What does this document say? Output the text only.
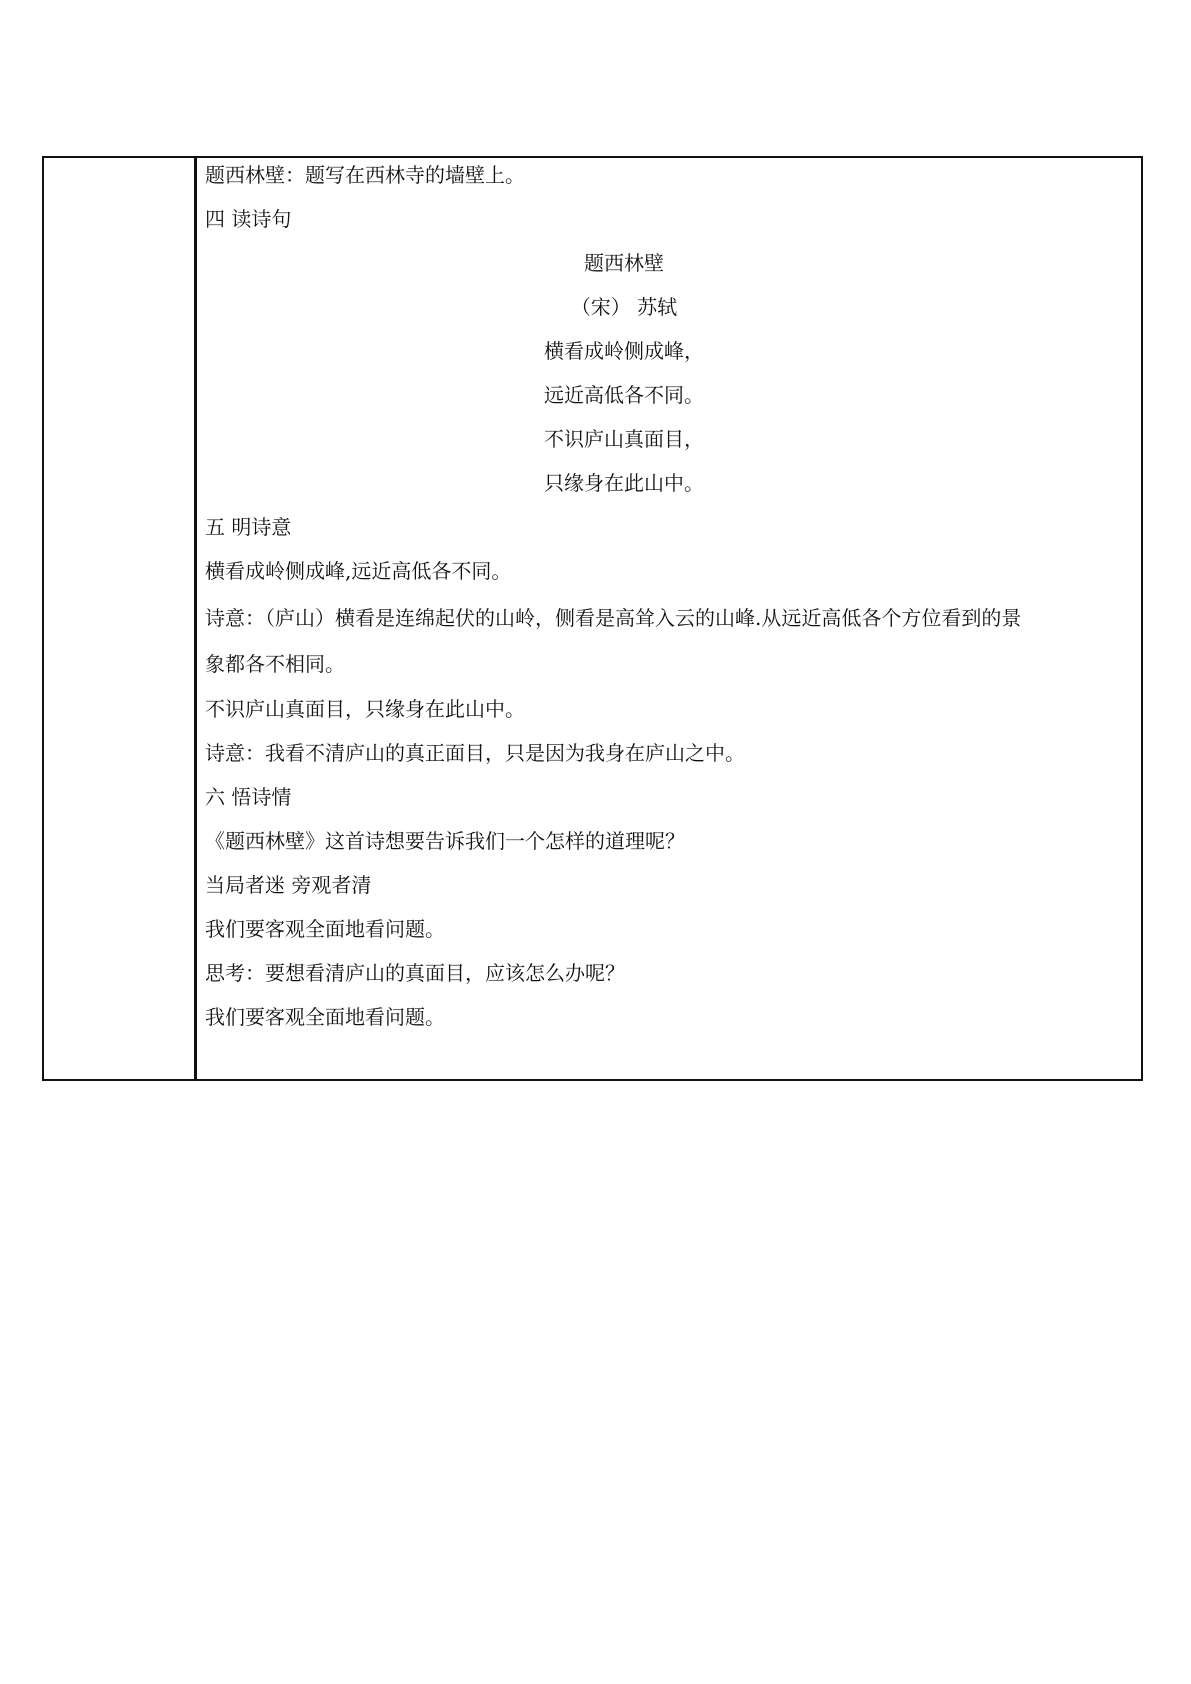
题西林壁：题写在西林寺的墙壁上。

四 读诗句

题西林壁

（宋） 苏轼

横看成岭侧成峰，

远近高低各不同。

不识庐山真面目，

只缘身在此山中。

五 明诗意

横看成岭侧成峰,远近高低各不同。

诗意：（庐山）横看是连绵起伏的山岭，侧看是高耸入云的山峰.从远近高低各个方位看到的景

象都各不相同。

不识庐山真面目，只缘身在此山中。

诗意：我看不清庐山的真正面目，只是因为我身在庐山之中。

六 悟诗情

《题西林壁》这首诗想要告诉我们一个怎样的道理呢？

当局者迷 旁观者清

我们要客观全面地看问题。

思考：要想看清庐山的真面目，应该怎么办呢？

我们要客观全面地看问题。
